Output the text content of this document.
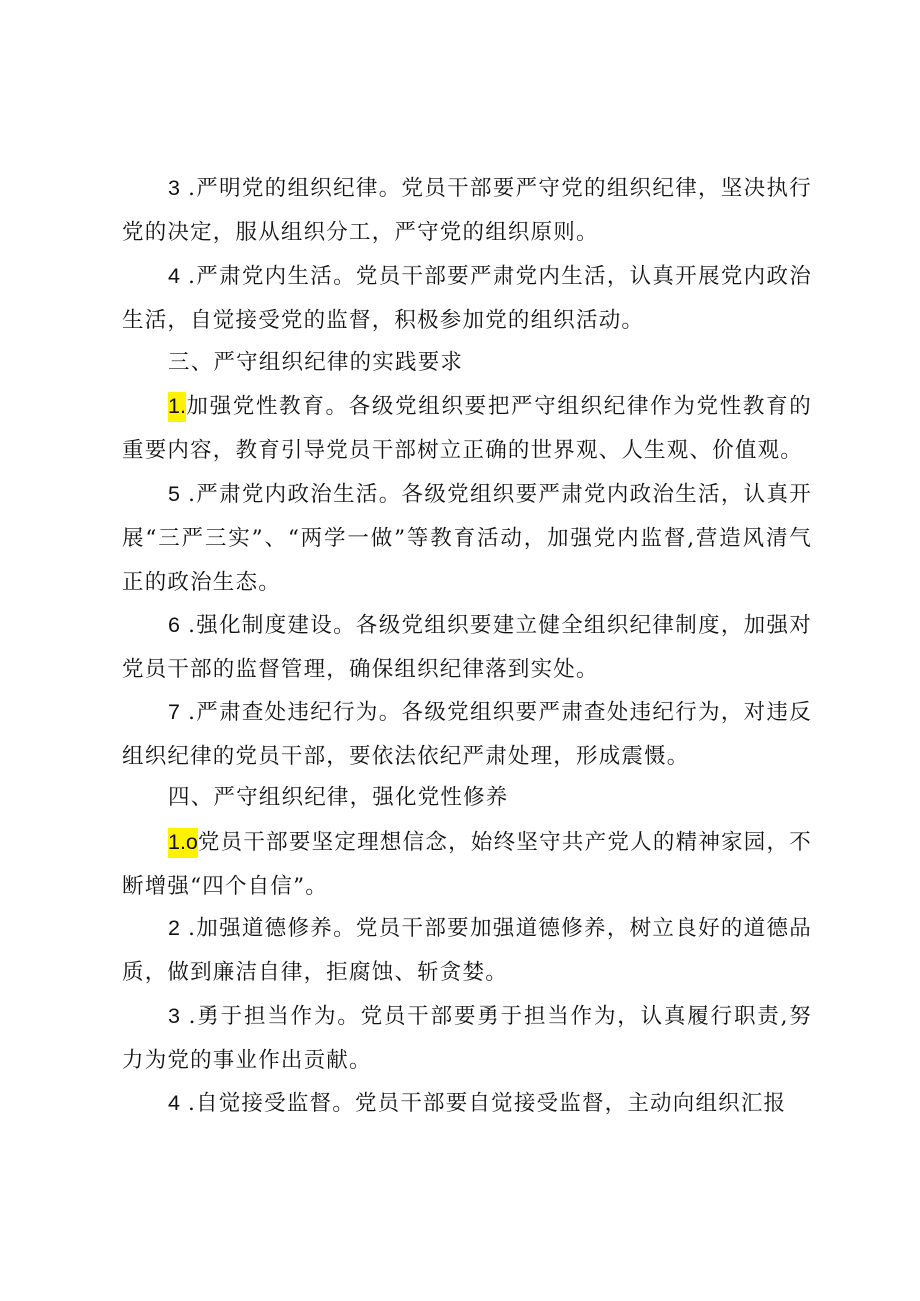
3 .严明党的组织纪律。党员干部要严守党的组织纪律，坚决执行党的决定，服从组织分工，严守党的组织原则。

4 .严肃党内生活。党员干部要严肃党内生活，认真开展党内政治生活，自觉接受党的监督，积极参加党的组织活动。

三、严守组织纪律的实践要求

1.加强党性教育。各级党组织要把严守组织纪律作为党性教育的重要内容，教育引导党员干部树立正确的世界观、人生观、价值观。

5 .严肃党内政治生活。各级党组织要严肃党内政治生活，认真开展“三严三实”、“两学一做”等教育活动，加强党内监督,营造风清气正的政治生态。

6 .强化制度建设。各级党组织要建立健全组织纪律制度，加强对党员干部的监督管理，确保组织纪律落到实处。

7 .严肃查处违纪行为。各级党组织要严肃查处违纪行为，对违反组织纪律的党员干部，要依法依纪严肃处理，形成震慑。

四、严守组织纪律，强化党性修养

1.o党员干部要坚定理想信念，始终坚守共产党人的精神家园，不断增强“四个自信”。

2 .加强道德修养。党员干部要加强道德修养，树立良好的道德品质，做到廉洁自律，拒腐蚀、斩贪婪。

3 .勇于担当作为。党员干部要勇于担当作为，认真履行职责,努力为党的事业作出贡献。

4 .自觉接受监督。党员干部要自觉接受监督，主动向组织汇报
